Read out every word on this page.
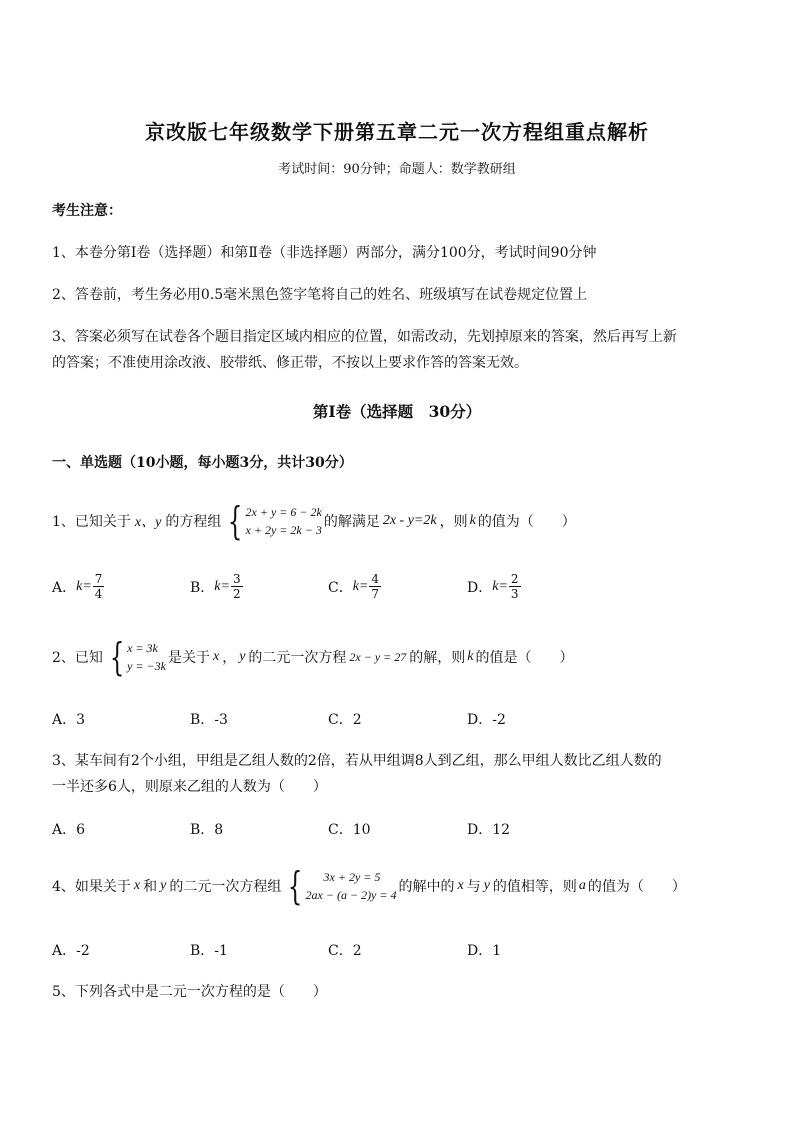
京改版七年级数学下册第五章二元一次方程组重点解析
考试时间：90分钟；命题人：数学教研组
考生注意：
1、本卷分第Ⅰ卷（选择题）和第Ⅱ卷（非选择题）两部分，满分100分，考试时间90分钟
2、答卷前，考生务必用0.5毫米黑色签字笔将自己的姓名、班级填写在试卷规定位置上
3、答案必须写在试卷各个题目指定区域内相应的位置，如需改动，先划掉原来的答案，然后再写上新
的答案；不准使用涂改液、胶带纸、修正带，不按以上要求作答的答案无效。
第Ⅰ卷（选择题　30分）
一、单选题（10小题，每小题3分，共计30分）
1、已知关于 x、y 的方程组 { 2x + y = 6 − 2k
x + 2y = 2k − 3 的解满足 2x - y=2k ，则 k 的值为（　　）
A． $k= \frac{7}{4}$	B． $k= \frac{3}{2}$	C． $k= \frac{4}{7}$	D． $k= \frac{2}{3}$
2、已知 { x = 3k
y = −3k 是关于 x ， y 的二元一次方程 2x − y = 27 的解，则 k 的值是（　　）
A．3	B．-3	C．2	D．-2
3、某车间有2个小组，甲组是乙组人数的2倍，若从甲组调8人到乙组，那么甲组人数比乙组人数的
一半还多6人，则原来乙组的人数为（　　）
A．6	B．8	C．10	D．12
4、如果关于 x 和 y 的二元一次方程组 {	3x + 2y = 5
2ax − (a − 2)y = 4 的解中的 x 与 y 的值相等，则 a 的值为（　　）
A．-2	B．-1	C．2	D．1
5、下列各式中是二元一次方程的是（　　）
